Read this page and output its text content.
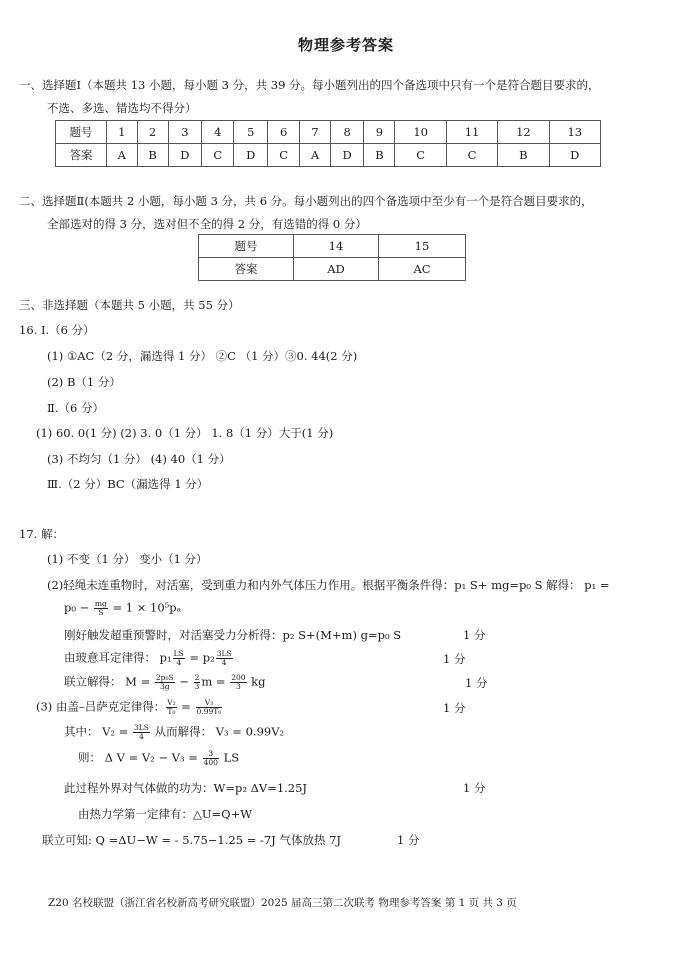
物理参考答案
一、选择题Ⅰ（本题共 13 小题，每小题 3 分，共 39 分。每小题列出的四个备选项中只有一个是符合题目要求的，
不选、多选、错选均不得分）
题号	1	2	3	4	5	6	7	8	9	10	11	12	13
答案	A	B	D	C	D	C	A	D	B	C	C	B	D
二、选择题Ⅱ(本题共 2 小题，每小题 3 分，共 6 分。每小题列出的四个备选项中至少有一个是符合题目要求的，
全部选对的得 3 分，选对但不全的得 2 分，有选错的得 0 分）
题号	14	15
答案	AD	AC
三、非选择题（本题共 5 小题，共 55 分）
16. Ⅰ.（6 分）
(1) ①AC（2 分，漏选得 1 分） ②C （1 分）③0. 44(2 分)
(2) B（1 分）
Ⅱ.（6 分）
(1) 60. 0(1 分) (2) 3. 0（1 分） 1. 8（1 分）大于(1 分)
(3) 不均匀（1 分） (4) 40（1 分）
Ⅲ.（2 分）BC（漏选得 1 分）
17. 解：
(1) 不变（1 分） 变小（1 分）
(2)轻绳未连重物时，对活塞，受到重力和内外气体压力作用。根据平衡条件得：p₁ S+ mg=p₀ S 解得： p₁ =
$p_0 - \frac{mg}{S} = 1 \times 10^5p_a$
刚好触发超重预警时，对活塞受力分析得：p₂ S+(M+m) g=p₀ S	1 分
由玻意耳定律得： $p_1 \frac{LS}{4} = p_2 \frac{3LS}{4}$	1 分
联立解得： $M = \frac{\text{2p₀S}}{3g} - \frac{2}{3}$ $m = \frac{200}{3}$ kg	1 分
(3) 由盖–吕萨克定律得： $\frac{\text{V₂}}{\text{T₀}} = \frac{\text{V₃}}{\text{0.99T₀}}$	1 分
其中： $V_2 = \frac{3LS}{4}$ 从而解得： V₃ = 0.99V₂
则： Δ $V = V_2 - V_3 = \frac{3}{400}$ LS
此过程外界对气体做的功为：W=p₂ ΔV=1.25J	1 分
由热力学第一定律有：△U=Q+W
联立可知: Q =ΔU−W = - 5.75−1.25 = -7J 气体放热 7J	1 分
Z20 名校联盟（浙江省名校新高考研究联盟）2025 届高三第二次联考 物理参考答案 第 1 页 共 3 页
